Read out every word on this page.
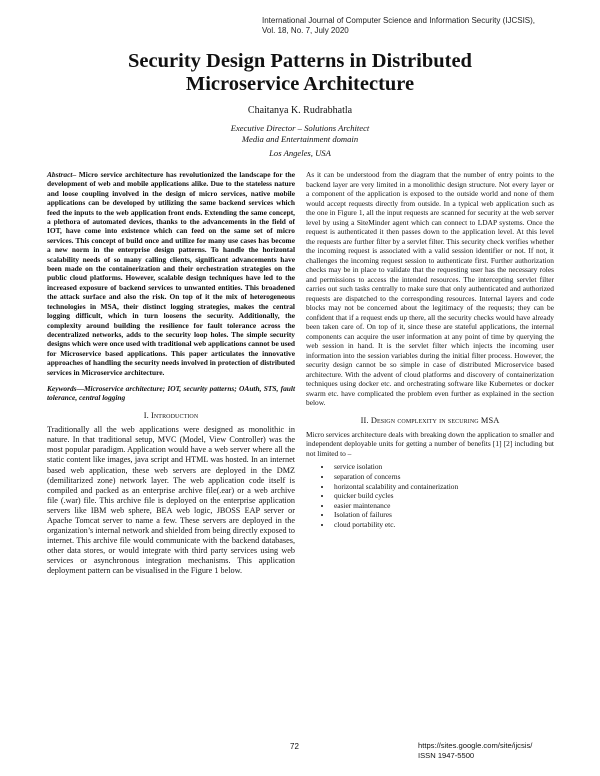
International Journal of Computer Science and Information Security (IJCSIS),
Vol. 18, No. 7, July 2020
Security Design Patterns in Distributed
Microservice Architecture
Chaitanya K. Rudrabhatla
Executive Director – Solutions Architect
Media and Entertainment domain
Los Angeles, USA

Abstract– Micro service architecture has revolutionized the landscape for the development of web and mobile applications alike. Due to the stateless nature and loose coupling involved in the design of micro services, native mobile applications can be developed by utilizing the same backend services which feed the inputs to the web application front ends. Extending the same concept, a plethora of automated devices, thanks to the advancements in the field of IOT, have come into existence which can feed on the same set of micro services. This concept of build once and utilize for many use cases has become a new norm in the enterprise design patterns. To handle the horizontal scalability needs of so many calling clients, significant advancements have been made on the containerization and their orchestration strategies on the public cloud platforms. However, scalable design techniques have led to the increased exposure of backend services to unwanted entities. This broadened the attack surface and also the risk. On top of it the mix of heterogeneous technologies in MSA, their distinct logging strategies, makes the central logging difficult, which in turn loosens the security. Additionally, the complexity around building the resilience for fault tolerance across the decentralized networks, adds to the security loop holes. The simple security designs which were once used with traditional web applications cannot be used for Microservice based applications. This paper articulates the innovative approaches of handling the security needs involved in protection of distributed services in Microservice architecture.

Keywords—Microservice architecture; IOT, security patterns; OAuth, STS, fault tolerance, central logging

I. Introduction

Traditionally all the web applications were designed as monolithic in nature. In that traditional setup, MVC (Model, View Controller) was the most popular paradigm. Application would have a web server where all the static content like images, java script and HTML was hosted. In an internet based web application, these web servers are deployed in the DMZ (demilitarized zone) network layer. The web application code itself is compiled and packed as an enterprise archive file(.ear) or a web archive file (.war) file. This archive file is deployed on the enterprise application servers like IBM web sphere, BEA web logic, JBOSS EAP server or Apache Tomcat server to name a few. These servers are deployed in the organization’s internal network and shielded from being directly exposed to internet. This archive file would communicate with the backend databases, other data stores, or would integrate with third party services using web services or asynchronous integration mechanisms. This application deployment pattern can be visualised in the Figure 1 below.

As it can be understood from the diagram that the number of entry points to the backend layer are very limited in a monolithic design structure. Not every layer or a component of the application is exposed to the outside world and none of them would accept requests directly from outside. In a typical web application such as the one in Figure 1, all the input requests are scanned for security at the web server level by using a SiteMinder agent which can connect to LDAP systems. Once the request is authenticated it then passes down to the application level. At this level the requests are further filter by a servlet filter. This security check verifies whether the incoming request is associated with a valid session identifier or not. If not, it challenges the incoming request session to authenticate first. Further authorization checks may be in place to validate that the requesting user has the necessary roles and permissions to access the intended resources. The intercepting servlet filter carries out such tasks centrally to make sure that only authenticated and authorized requests are dispatched to the corresponding resources. Internal layers and code blocks may not be concerned about the legitimacy of the requests; they can be confident that if a request ends up there, all the security checks would have already been taken care of. On top of it, since these are stateful applications, the internal components can acquire the user information at any point of time by querying the web session in hand. It is the servlet filter which injects the incoming user information into the session variables during the initial filter process. However, the security design cannot be so simple in case of distributed Microservice based architecture. With the advent of cloud platforms and discovery of containerization techniques using docker etc. and orchestrating software like Kubernetes or docker swarm etc. have complicated the problem even further as explained in the section below.

II. Design complexity in securing MSA

Micro services architecture deals with breaking down the application to smaller and independent deployable units for getting a number of benefits [1] [2] including but not limited to –

• service isolation
• separation of concerns
• horizontal scalability and containerization
• quicker build cycles
• easier maintenance
• Isolation of failures
• cloud portability etc.
72	https://sites.google.com/site/ijcsis/
ISSN 1947-5500
